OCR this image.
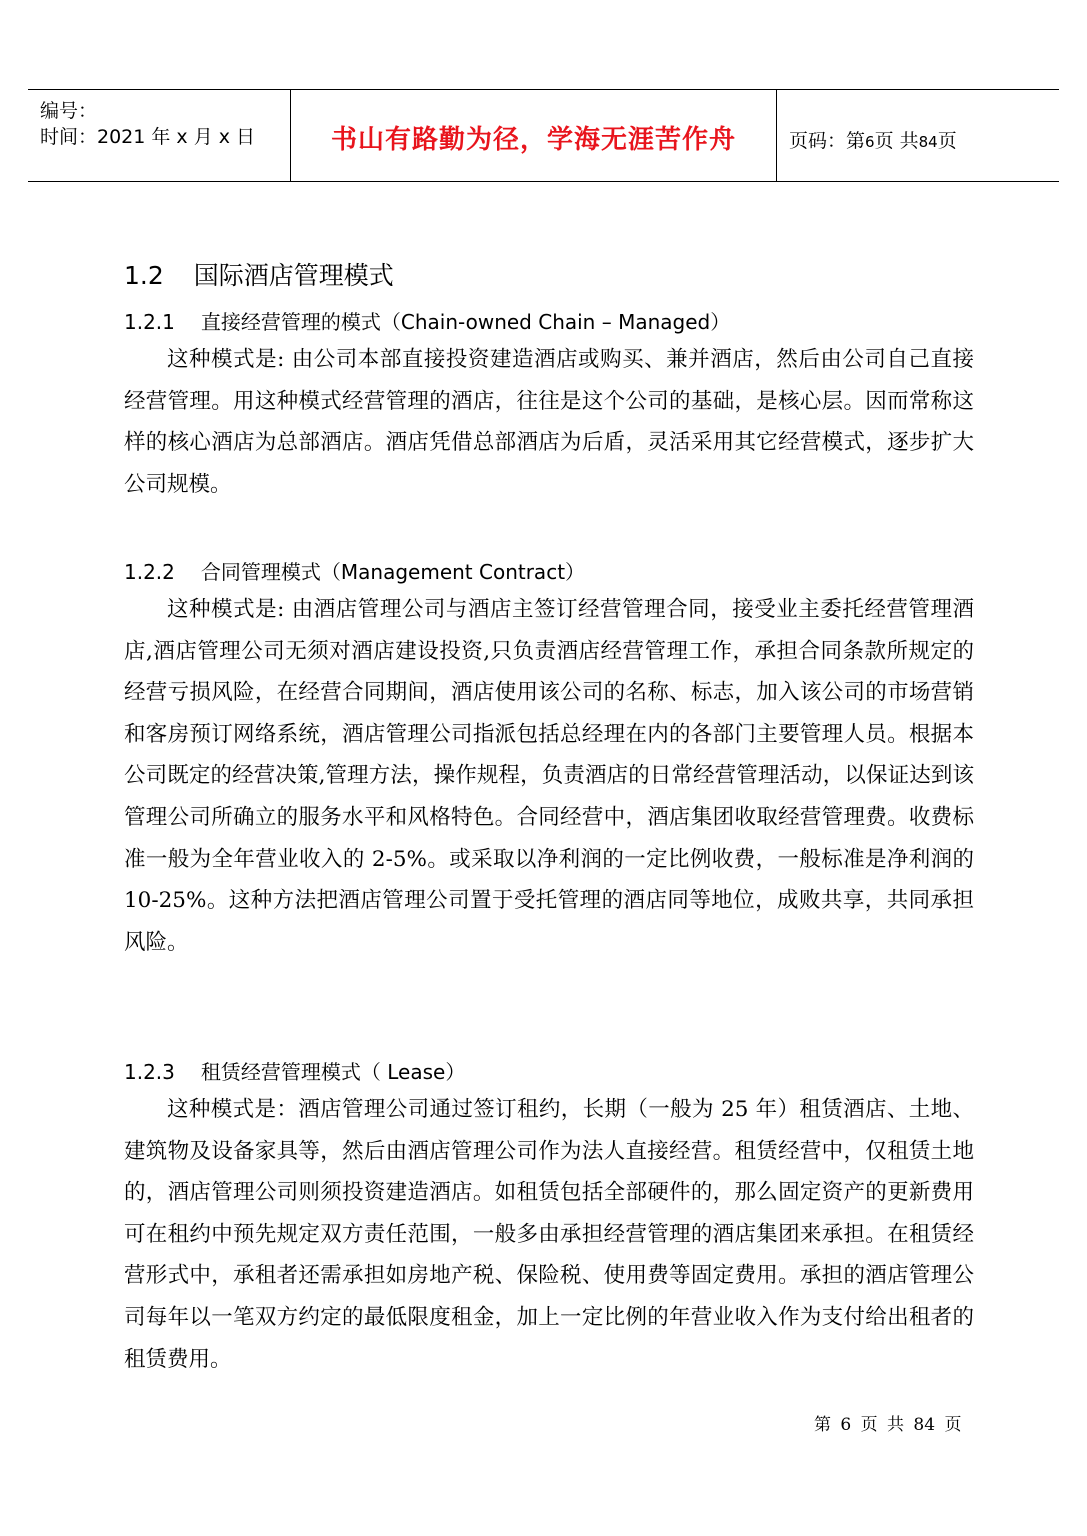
编号：
时间：2021 年 x 月 x 日	书山有路勤为径，学海无涯苦作舟	页码：第6页 共84页
1.2 国际酒店管理模式
1.2.1 直接经营管理的模式（Chain-owned Chain – Managed）

这种模式是: 由公司本部直接投资建造酒店或购买、兼并酒店，然后由公司自己直接经营管理。用这种模式经营管理的酒店，往往是这个公司的基础，是核心层。因而常称这样的核心酒店为总部酒店。酒店凭借总部酒店为后盾，灵活采用其它经营模式，逐步扩大公司规模。

1.2.2 合同管理模式（Management Contract）

这种模式是: 由酒店管理公司与酒店主签订经营管理合同，接受业主委托经营管理酒店,酒店管理公司无须对酒店建设投资,只负责酒店经营管理工作，承担合同条款所规定的经营亏损风险，在经营合同期间，酒店使用该公司的名称、标志，加入该公司的市场营销和客房预订网络系统，酒店管理公司指派包括总经理在内的各部门主要管理人员。根据本公司既定的经营决策,管理方法，操作规程，负责酒店的日常经营管理活动，以保证达到该管理公司所确立的服务水平和风格特色。合同经营中，酒店集团收取经营管理费。收费标准一般为全年营业收入的 2-5%。或采取以净利润的一定比例收费，一般标准是净利润的 10-25%。这种方法把酒店管理公司置于受托管理的酒店同等地位，成败共享，共同承担风险。

1.2.3 租赁经营管理模式（ Lease）

这种模式是：酒店管理公司通过签订租约，长期（一般为 25 年）租赁酒店、土地、建筑物及设备家具等，然后由酒店管理公司作为法人直接经营。租赁经营中，仅租赁土地的，酒店管理公司则须投资建造酒店。如租赁包括全部硬件的，那么固定资产的更新费用可在租约中预先规定双方责任范围，一般多由承担经营管理的酒店集团来承担。在租赁经营形式中，承租者还需承担如房地产税、保险税、使用费等固定费用。承担的酒店管理公司每年以一笔双方约定的最低限度租金，加上一定比例的年营业收入作为支付给出租者的租赁费用。

第 6 页 共 84 页
